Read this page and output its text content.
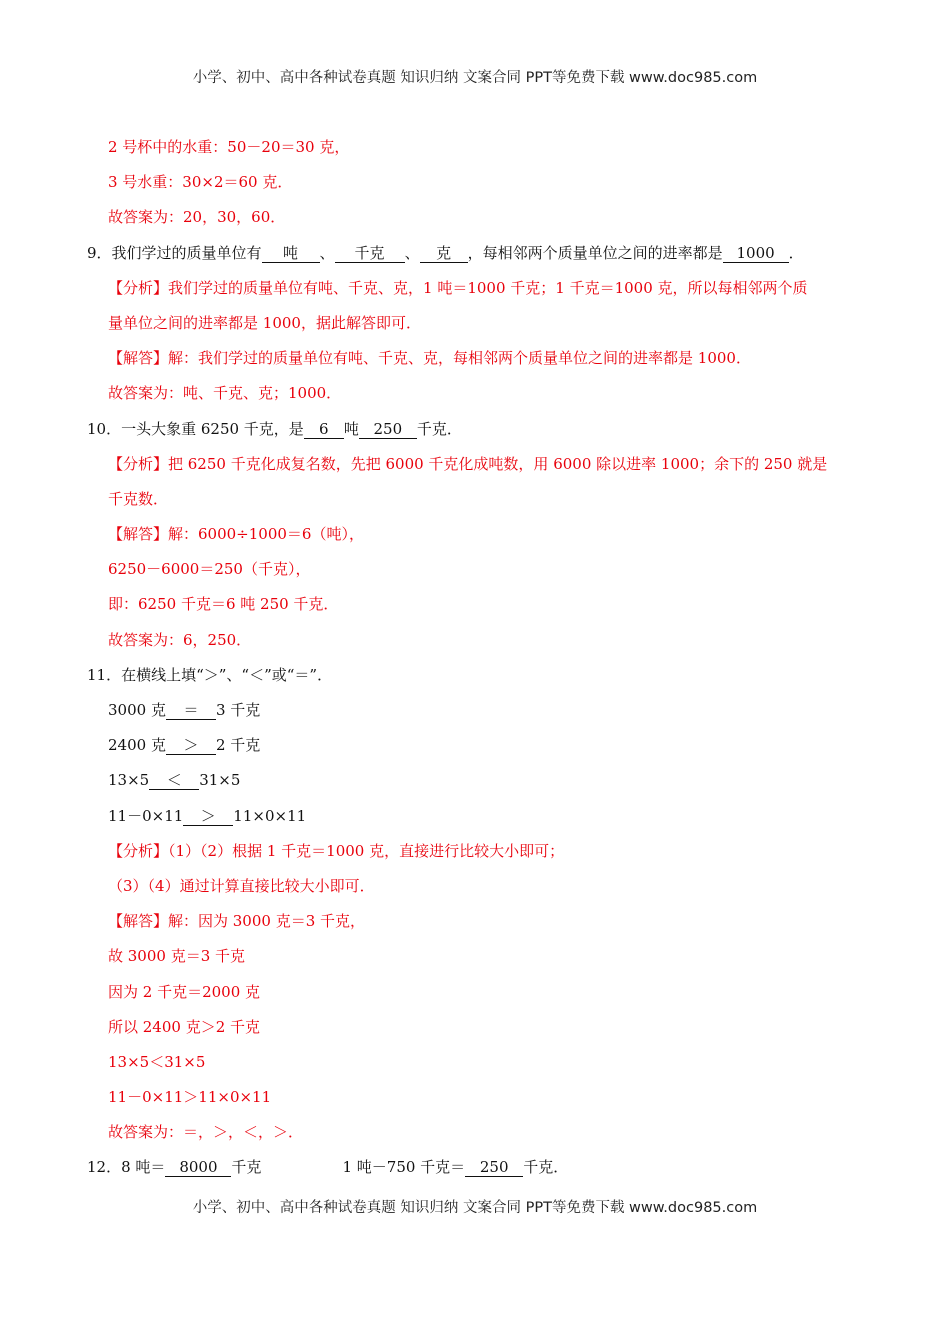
小学、初中、高中各种试卷真题 知识归纳 文案合同 PPT等免费下载 www.doc985.com
2 号杯中的水重：50－20＝30 克，
3 号水重：30×2＝60 克．
故答案为：20，30，60．
9．我们学过的质量单位有 吨 、 千克 、 克 ，每相邻两个质量单位之间的进率都是 1000 ．
【分析】我们学过的质量单位有吨、千克、克，1 吨＝1000 千克；1 千克＝1000 克，所以每相邻两个质
量单位之间的进率都是 1000，据此解答即可．
【解答】解：我们学过的质量单位有吨、千克、克，每相邻两个质量单位之间的进率都是 1000．
故答案为：吨、千克、克；1000．
10．一头大象重 6250 千克，是 6 吨 250 千克．
【分析】把 6250 千克化成复名数，先把 6000 千克化成吨数，用 6000 除以进率 1000；余下的 250 就是
千克数．
【解答】解：6000÷1000＝6（吨），
6250－6000＝250（千克），
即：6250 千克＝6 吨 250 千克．
故答案为：6，250．
11．在横线上填“＞”、“＜”或“＝”．
3000 克 ＝ 3 千克
2400 克 ＞ 2 千克
13×5 ＜ 31×5
11－0×11 ＞ 11×0×11
【分析】（1）（2）根据 1 千克＝1000 克，直接进行比较大小即可；
（3）（4）通过计算直接比较大小即可．
【解答】解：因为 3000 克＝3 千克，
故 3000 克＝3 千克
因为 2 千克＝2000 克
所以 2400 克＞2 千克
13×5＜31×5
11－0×11＞11×0×11
故答案为：＝，＞，＜，＞．
12．8 吨＝ 8000 千克                 1 吨－750 千克＝ 250 千克．
小学、初中、高中各种试卷真题 知识归纳 文案合同 PPT等免费下载 www.doc985.com
